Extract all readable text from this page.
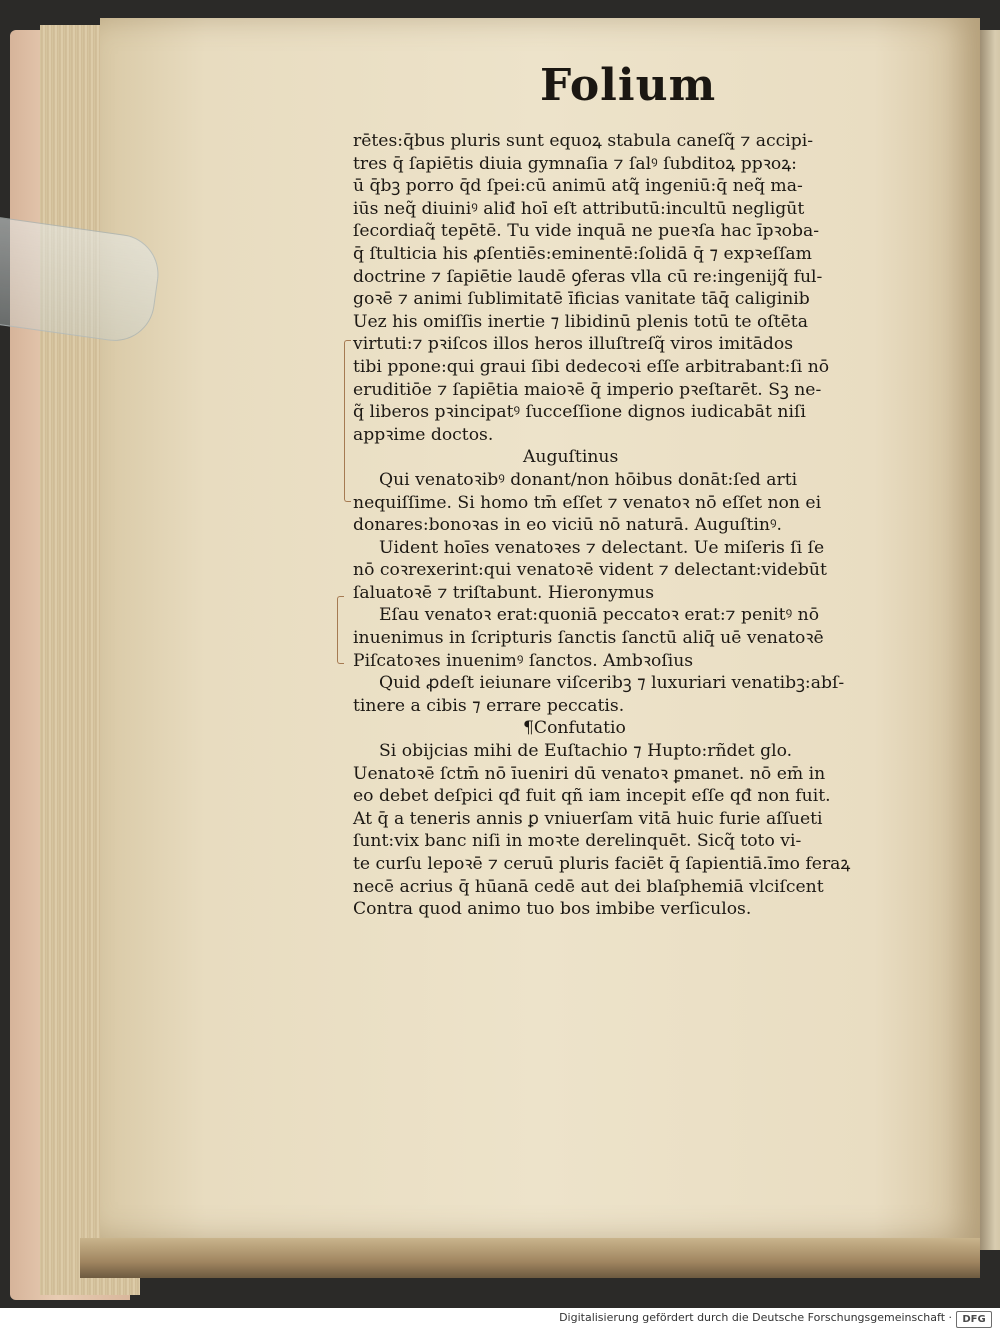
Folium
rētes:q̄bus pluris sunt equoꝝ stabula caneſq̃ ⁊ accipi-
tres q̄ ſapiētis diuia gymnaſia ⁊ ſalꝰ ſubditoꝝ ppꝛoꝝ:
ū q̄bꝫ porro q̄d ſpei:cū animū atq̃ ingeniū:q̄ neq̃ ma-
iūs neq̃ diuiniꝰ aliđ hoī eſt attributū:incultū negligūt
ſecordiaq̃ tepētē. Tu vide inquā ne pueꝛſa hac īpꝛoba-
q̄ ſtulticia his ꝓſentiēs:eminentē:ſolidā q̄ ⁊ expꝛeſſam
doctrine ⁊ ſapiētie laudē ꝯferas vlla cū re:ingenijq̃ ful-
goꝛē ⁊ animi ſublimitatē īficias vanitate tāq̄ caliginib
Uez his omiſſis inertie ⁊ libidinū plenis totū te oſtēta
virtuti:⁊ pꝛiſcos illos heros illuſtreſq̃ viros imitādos
tibi ppone:qui graui ſibi dedecoꝛi eſſe arbitrabant:ſi nō
eruditiōe ⁊ ſapiētia maioꝛē q̄ imperio pꝛeſtarēt. Sꝫ ne-
q̃ liberos pꝛincipatꝰ ſucceſſione dignos iudicabāt niſi
appꝛime doctos.
Auguſtinus
Qui venatoꝛibꝰ donant/non hōibus donāt:ſed arti
nequiſſime. Si homo tm̄ eſſet ⁊ venatoꝛ nō eſſet non ei
donares:bonoꝛas in eo viciū nō naturā. Auguſtinꝰ.
Uident hoīes venatoꝛes ⁊ delectant. Ue miſeris ſi ſe
nō coꝛrexerint:qui venatoꝛē vident ⁊ delectant:videbūt
ſaluatoꝛē ⁊ triſtabunt. Hieronymus
Eſau venatoꝛ erat:quoniā peccatoꝛ erat:⁊ penitꝰ nō
inuenimus in ſcripturis ſanctis ſanctū aliq̄ uē venatoꝛē
Piſcatoꝛes inuenimꝰ ſanctos. Ambꝛoſius
Quid ꝓdeſt ieiunare viſceribꝫ ⁊ luxuriari venatibꝫ:abſ-
tinere a cibis ⁊ errare peccatis.
¶Confutatio
Si obijcias mihi de Euſtachio ⁊ Hupto:rñdet glo.
Uenatoꝛē ſctm̄ nō īueniri dū venatoꝛ ꝑmanet. nō em̄ in
eo debet deſpici qđ fuit qñ iam incepit eſſe qđ non fuit.
At q̄ a teneris annis ꝑ vniuerſam vitā huic furie aſſueti
ſunt:vix banc niſi in moꝛte derelinquēt. Sicq̃ toto vi-
te curſu lepoꝛē ⁊ ceruū pluris faciēt q̄ ſapientiā.īmo feraꝝ
necē acrius q̄ hūanā cedē aut dei blaſphemiā vlciſcent
Contra quod animo tuo bos imbibe verſiculos.
Digitalisierung gefördert durch die Deutsche Forschungsgemeinschaft ·	DFG
